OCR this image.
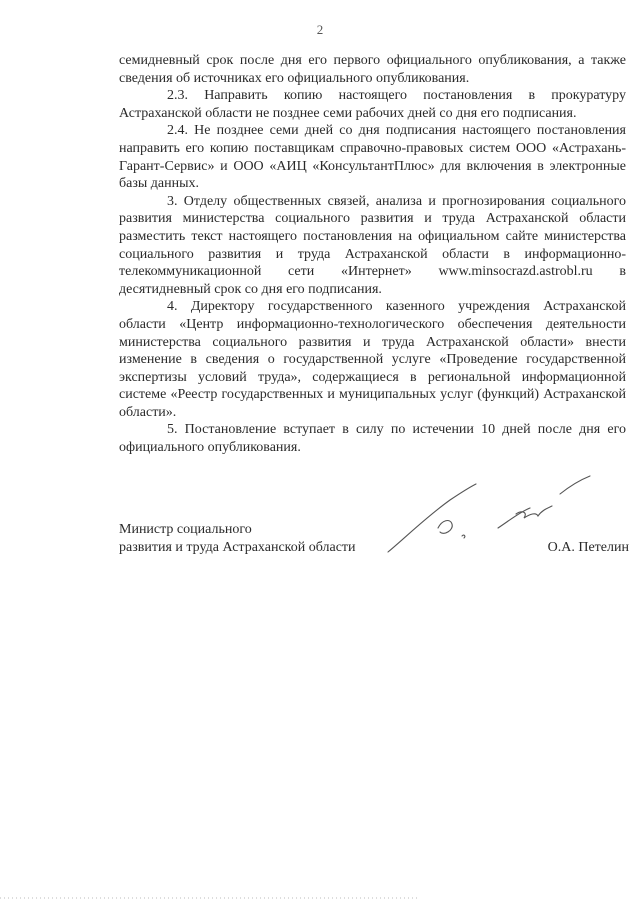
2

семидневный срок после дня его первого официального опубликования, а также сведения об источниках его официального опубликования.

2.3. Направить копию настоящего постановления в прокуратуру Астраханской области не позднее семи рабочих дней со дня его подписания.

2.4. Не позднее семи дней со дня подписания настоящего постановления направить его копию поставщикам справочно-правовых систем ООО «Астрахань-Гарант-Сервис» и ООО «АИЦ «КонсультантПлюс» для включения в электронные базы данных.

3. Отделу общественных связей, анализа и прогнозирования социального развития министерства социального развития и труда Астраханской области разместить текст настоящего постановления на официальном сайте министерства социального развития и труда Астраханской области в информационно-телекоммуникационной сети «Интернет» www.minsocrazd.astrobl.ru в десятидневный срок со дня его подписания.

4. Директору государственного казенного учреждения Астраханской области «Центр информационно-технологического обеспечения деятельности министерства социального развития и труда Астраханской области» внести изменение в сведения о государственной услуге «Проведение государственной экспертизы условий труда», содержащиеся в региональной информационной системе «Реестр государственных и муниципальных услуг (функций) Астраханской области».

5. Постановление вступает в силу по истечении 10 дней после дня его официального опубликования.

Министр социального
развития и труда Астраханской области	О.А. Петелин
